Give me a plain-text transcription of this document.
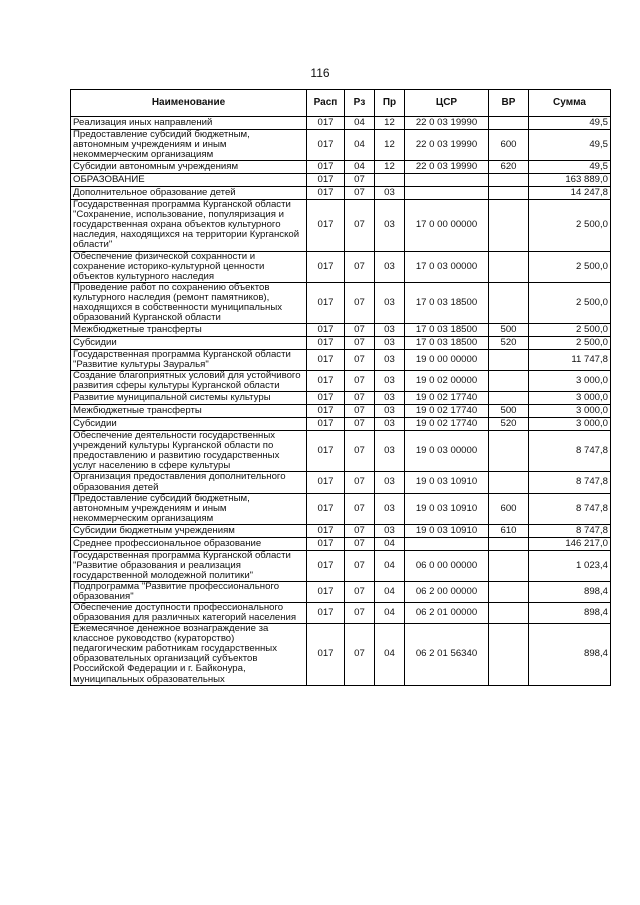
116
Наименование	Расп	Рз	Пр	ЦСР	ВР	Сумма
Реализация иных направлений	017	04	12	22 0 03 19990		49,5
Предоставление субсидий бюджетным, автономным учреждениям и иным некоммерческим организациям	017	04	12	22 0 03 19990	600	49,5
Субсидии автономным учреждениям	017	04	12	22 0 03 19990	620	49,5
ОБРАЗОВАНИЕ	017	07				163 889,0
Дополнительное образование детей	017	07	03			14 247,8
Государственная программа Курганской области "Сохранение, использование, популяризация и государственная охрана объектов культурного наследия, находящихся на территории Курганской области"	017	07	03	17 0 00 00000		2 500,0
Обеспечение физической сохранности и сохранение историко-культурной ценности объектов культурного наследия	017	07	03	17 0 03 00000		2 500,0
Проведение работ по сохранению объектов культурного наследия (ремонт памятников), находящихся в собственности муниципальных образований Курганской области	017	07	03	17 0 03 18500		2 500,0
Межбюджетные трансферты	017	07	03	17 0 03 18500	500	2 500,0
Субсидии	017	07	03	17 0 03 18500	520	2 500,0
Государственная программа Курганской области "Развитие культуры Зауралья"	017	07	03	19 0 00 00000		11 747,8
Создание благоприятных условий для устойчивого развития сферы культуры Курганской области	017	07	03	19 0 02 00000		3 000,0
Развитие муниципальной системы культуры	017	07	03	19 0 02 17740		3 000,0
Межбюджетные трансферты	017	07	03	19 0 02 17740	500	3 000,0
Субсидии	017	07	03	19 0 02 17740	520	3 000,0
Обеспечение деятельности государственных учреждений культуры Курганской области по предоставлению и развитию государственных услуг населению в сфере культуры	017	07	03	19 0 03 00000		8 747,8
Организация предоставления дополнительного образования детей	017	07	03	19 0 03 10910		8 747,8
Предоставление субсидий бюджетным, автономным учреждениям и иным некоммерческим организациям	017	07	03	19 0 03 10910	600	8 747,8
Субсидии бюджетным учреждениям	017	07	03	19 0 03 10910	610	8 747,8
Среднее профессиональное образование	017	07	04			146 217,0
Государственная программа Курганской области "Развитие образования и реализация государственной молодежной политики"	017	07	04	06 0 00 00000		1 023,4
Подпрограмма "Развитие профессионального образования"	017	07	04	06 2 00 00000		898,4
Обеспечение доступности профессионального образования для различных категорий населения	017	07	04	06 2 01 00000		898,4
Ежемесячное денежное вознаграждение за классное руководство (кураторство) педагогическим работникам государственных образовательных организаций субъектов Российской Федерации и г. Байконура, муниципальных образовательных	017	07	04	06 2 01 56340		898,4
